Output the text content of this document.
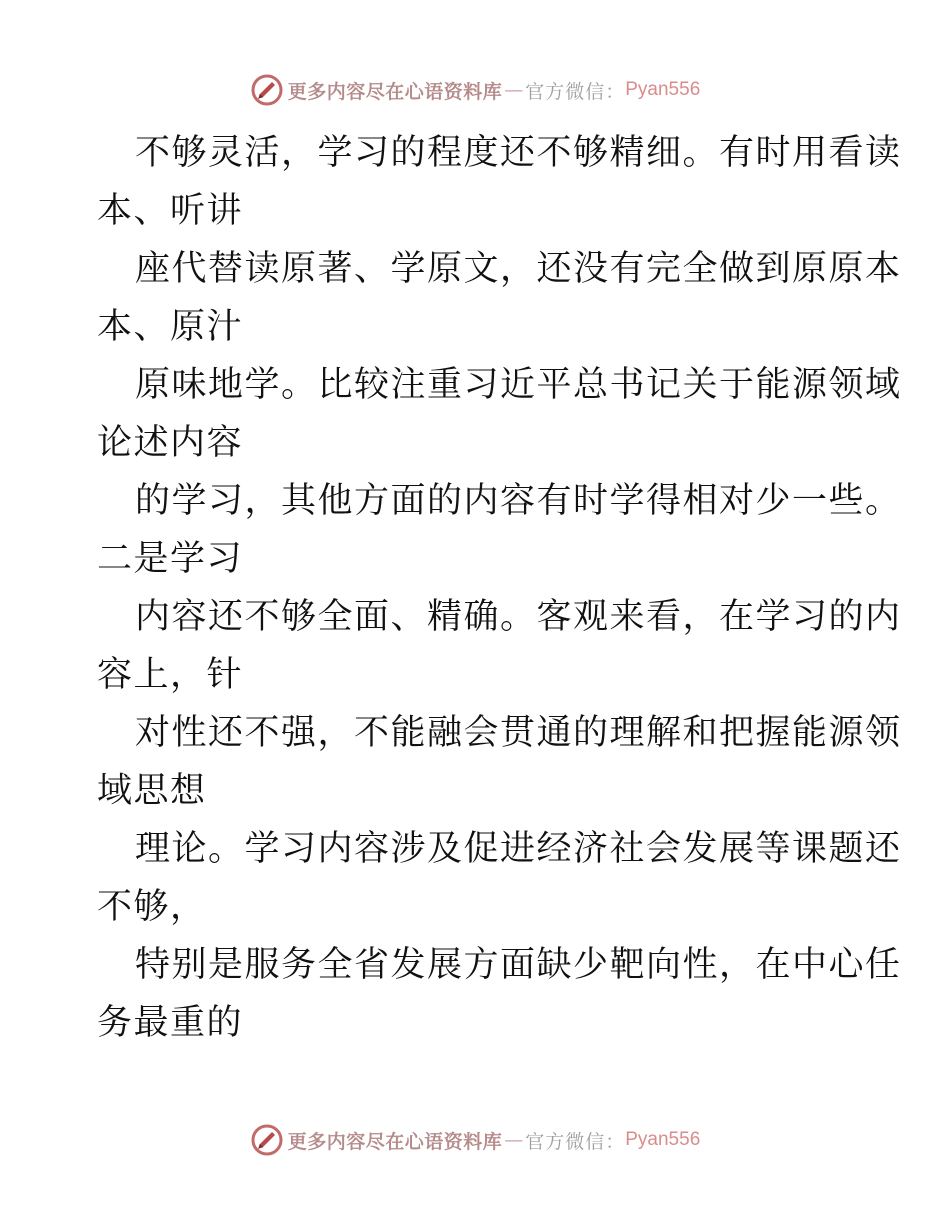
更多内容尽在心语资料库 — 官方微信： Pyan556
不够灵活，学习的程度还不够精细。有时用看读
本、听讲
座代替读原著、学原文，还没有完全做到原原本
本、原汁
原味地学。比较注重习近平总书记关于能源领域
论述内容
的学习，其他方面的内容有时学得相对少一些。
二是学习
内容还不够全面、精确。客观来看，在学习的内
容上，针
对性还不强，不能融会贯通的理解和把握能源领
域思想
理论。学习内容涉及促进经济社会发展等课题还
不够，
特别是服务全省发展方面缺少靶向性，在中心任
务最重的
更多内容尽在心语资料库 — 官方微信： Pyan556
